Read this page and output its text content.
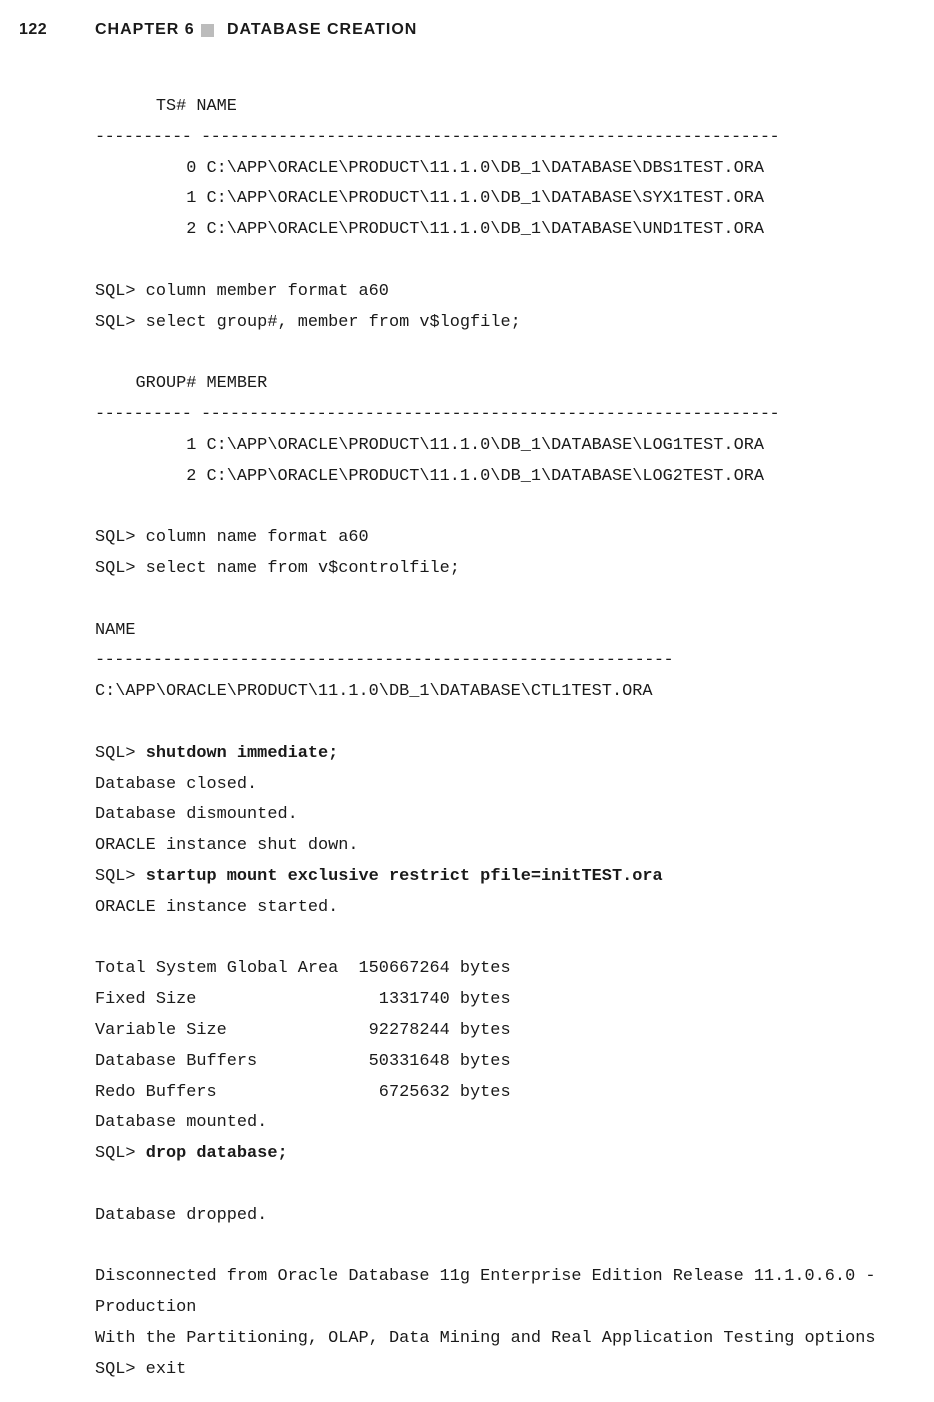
122	CHAPTER 6 DATABASE CREATION
TS# NAME
---------- ------------------------------------------------------------
0 C:\APP\ORACLE\PRODUCT\11.1.0\DB_1\DATABASE\DBS1TEST.ORA
1 C:\APP\ORACLE\PRODUCT\11.1.0\DB_1\DATABASE\SYX1TEST.ORA
2 C:\APP\ORACLE\PRODUCT\11.1.0\DB_1\DATABASE\UND1TEST.ORA
SQL> column member format a60
SQL> select group#, member from v$logfile;
GROUP# MEMBER
---------- ------------------------------------------------------------
1 C:\APP\ORACLE\PRODUCT\11.1.0\DB_1\DATABASE\LOG1TEST.ORA
2 C:\APP\ORACLE\PRODUCT\11.1.0\DB_1\DATABASE\LOG2TEST.ORA
SQL> column name format a60
SQL> select name from v$controlfile;
NAME
------------------------------------------------------------
C:\APP\ORACLE\PRODUCT\11.1.0\DB_1\DATABASE\CTL1TEST.ORA
SQL> shutdown immediate;
Database closed.
Database dismounted.
ORACLE instance shut down.
SQL> startup mount exclusive restrict pfile=initTEST.ora
ORACLE instance started.
Total System Global Area  150667264 bytes
Fixed Size                  1331740 bytes
Variable Size              92278244 bytes
Database Buffers           50331648 bytes
Redo Buffers                6725632 bytes
Database mounted.
SQL> drop database;
Database dropped.
Disconnected from Oracle Database 11g Enterprise Edition Release 11.1.0.6.0 -
Production
With the Partitioning, OLAP, Data Mining and Real Application Testing options
SQL> exit
